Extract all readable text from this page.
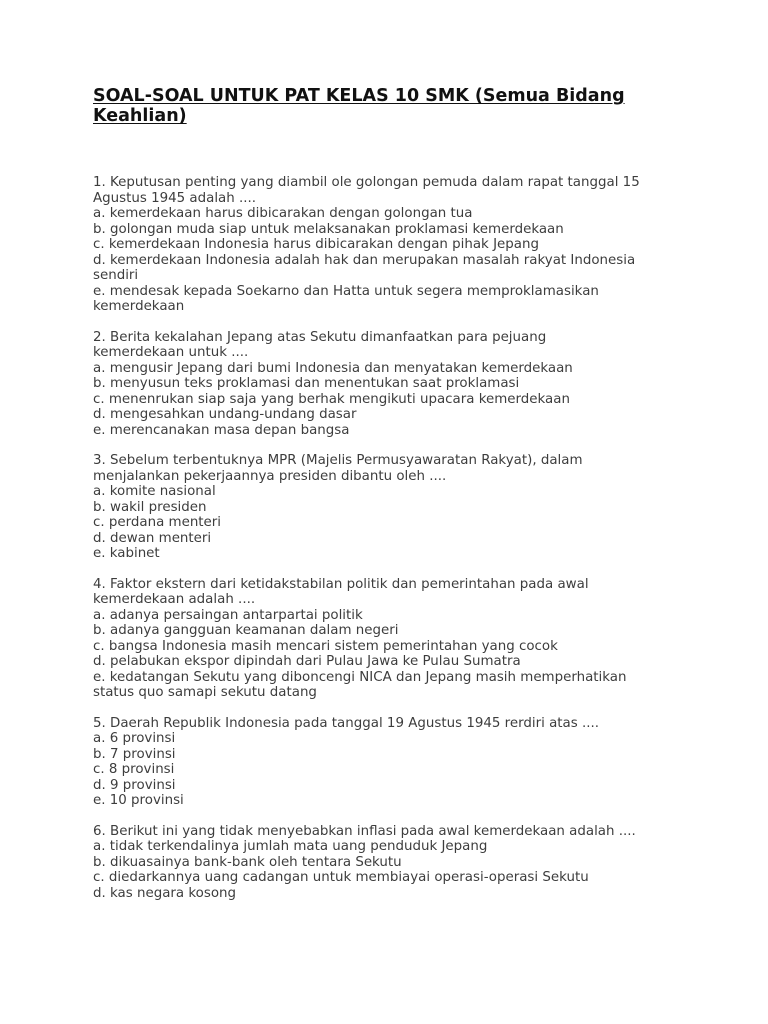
SOAL-SOAL UNTUK PAT KELAS 10 SMK (Semua Bidang
Keahlian)
1. Keputusan penting yang diambil ole golongan pemuda dalam rapat tanggal 15
Agustus 1945 adalah ....
a. kemerdekaan harus dibicarakan dengan golongan tua
b. golongan muda siap untuk melaksanakan proklamasi kemerdekaan
c. kemerdekaan Indonesia harus dibicarakan dengan pihak Jepang
d. kemerdekaan Indonesia adalah hak dan merupakan masalah rakyat Indonesia
sendiri
e. mendesak kepada Soekarno dan Hatta untuk segera memproklamasikan
kemerdekaan
2. Berita kekalahan Jepang atas Sekutu dimanfaatkan para pejuang
kemerdekaan untuk ....
a. mengusir Jepang dari bumi Indonesia dan menyatakan kemerdekaan
b. menyusun teks proklamasi dan menentukan saat proklamasi
c. menenrukan siap saja yang berhak mengikuti upacara kemerdekaan
d. mengesahkan undang-undang dasar
e. merencanakan masa depan bangsa
3. Sebelum terbentuknya MPR (Majelis Permusyawaratan Rakyat), dalam
menjalankan pekerjaannya presiden dibantu oleh ....
a. komite nasional
b. wakil presiden
c. perdana menteri
d. dewan menteri
e. kabinet
4. Faktor ekstern dari ketidakstabilan politik dan pemerintahan pada awal
kemerdekaan adalah ....
a. adanya persaingan antarpartai politik
b. adanya gangguan keamanan dalam negeri
c. bangsa Indonesia masih mencari sistem pemerintahan yang cocok
d. pelabukan ekspor dipindah dari Pulau Jawa ke Pulau Sumatra
e. kedatangan Sekutu yang diboncengi NICA dan Jepang masih memperhatikan
status quo samapi sekutu datang
5. Daerah Republik Indonesia pada tanggal 19 Agustus 1945 rerdiri atas ....
a. 6 provinsi
b. 7 provinsi
c. 8 provinsi
d. 9 provinsi
e. 10 provinsi
6. Berikut ini yang tidak menyebabkan inflasi pada awal kemerdekaan adalah ....
a. tidak terkendalinya jumlah mata uang penduduk Jepang
b. dikuasainya bank-bank oleh tentara Sekutu
c. diedarkannya uang cadangan untuk membiayai operasi-operasi Sekutu
d. kas negara kosong
